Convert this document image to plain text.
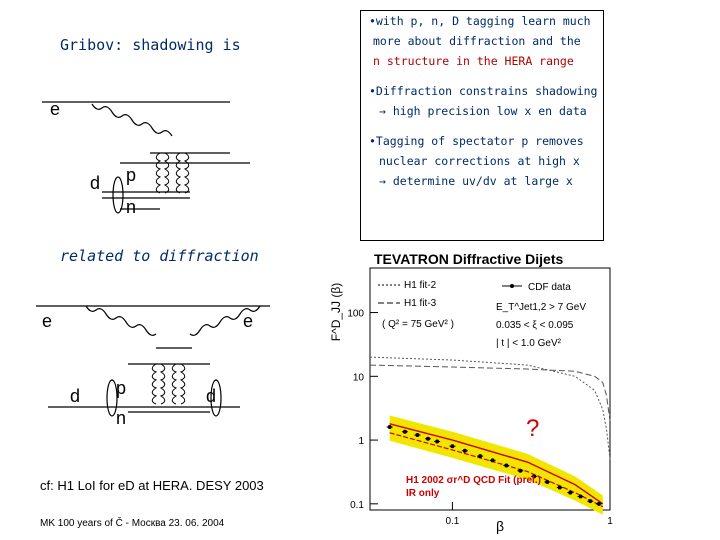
Gribov: shadowing is
related to diffraction

•with p, n, D tagging learn much

more about diffraction and the

n structure in the HERA range

•Diffraction constrains shadowing

→ high precision low x en data

•Tagging of spectator p removes

nuclear corrections at high x

→ determine uv/dv at large x

e
d p
n
e	e
d	d
p
n
cf: H1 LoI for eD at HERA. DESY 2003
MK 100 years of Č - Москва 23. 06. 2004
TEVATRON Diffractive Dijets
F^D_JJ (β)
0.1	1
0.1
1
10
100
H1 fit-2
H1 fit-3
( Q² = 75 GeV² )
CDF data
E_T^Jet1,2 > 7 GeV
0.035 < ξ < 0.095
| t | < 1.0 GeV²
H1 2002 σr^D QCD Fit (prel.)
IR only
β
?
